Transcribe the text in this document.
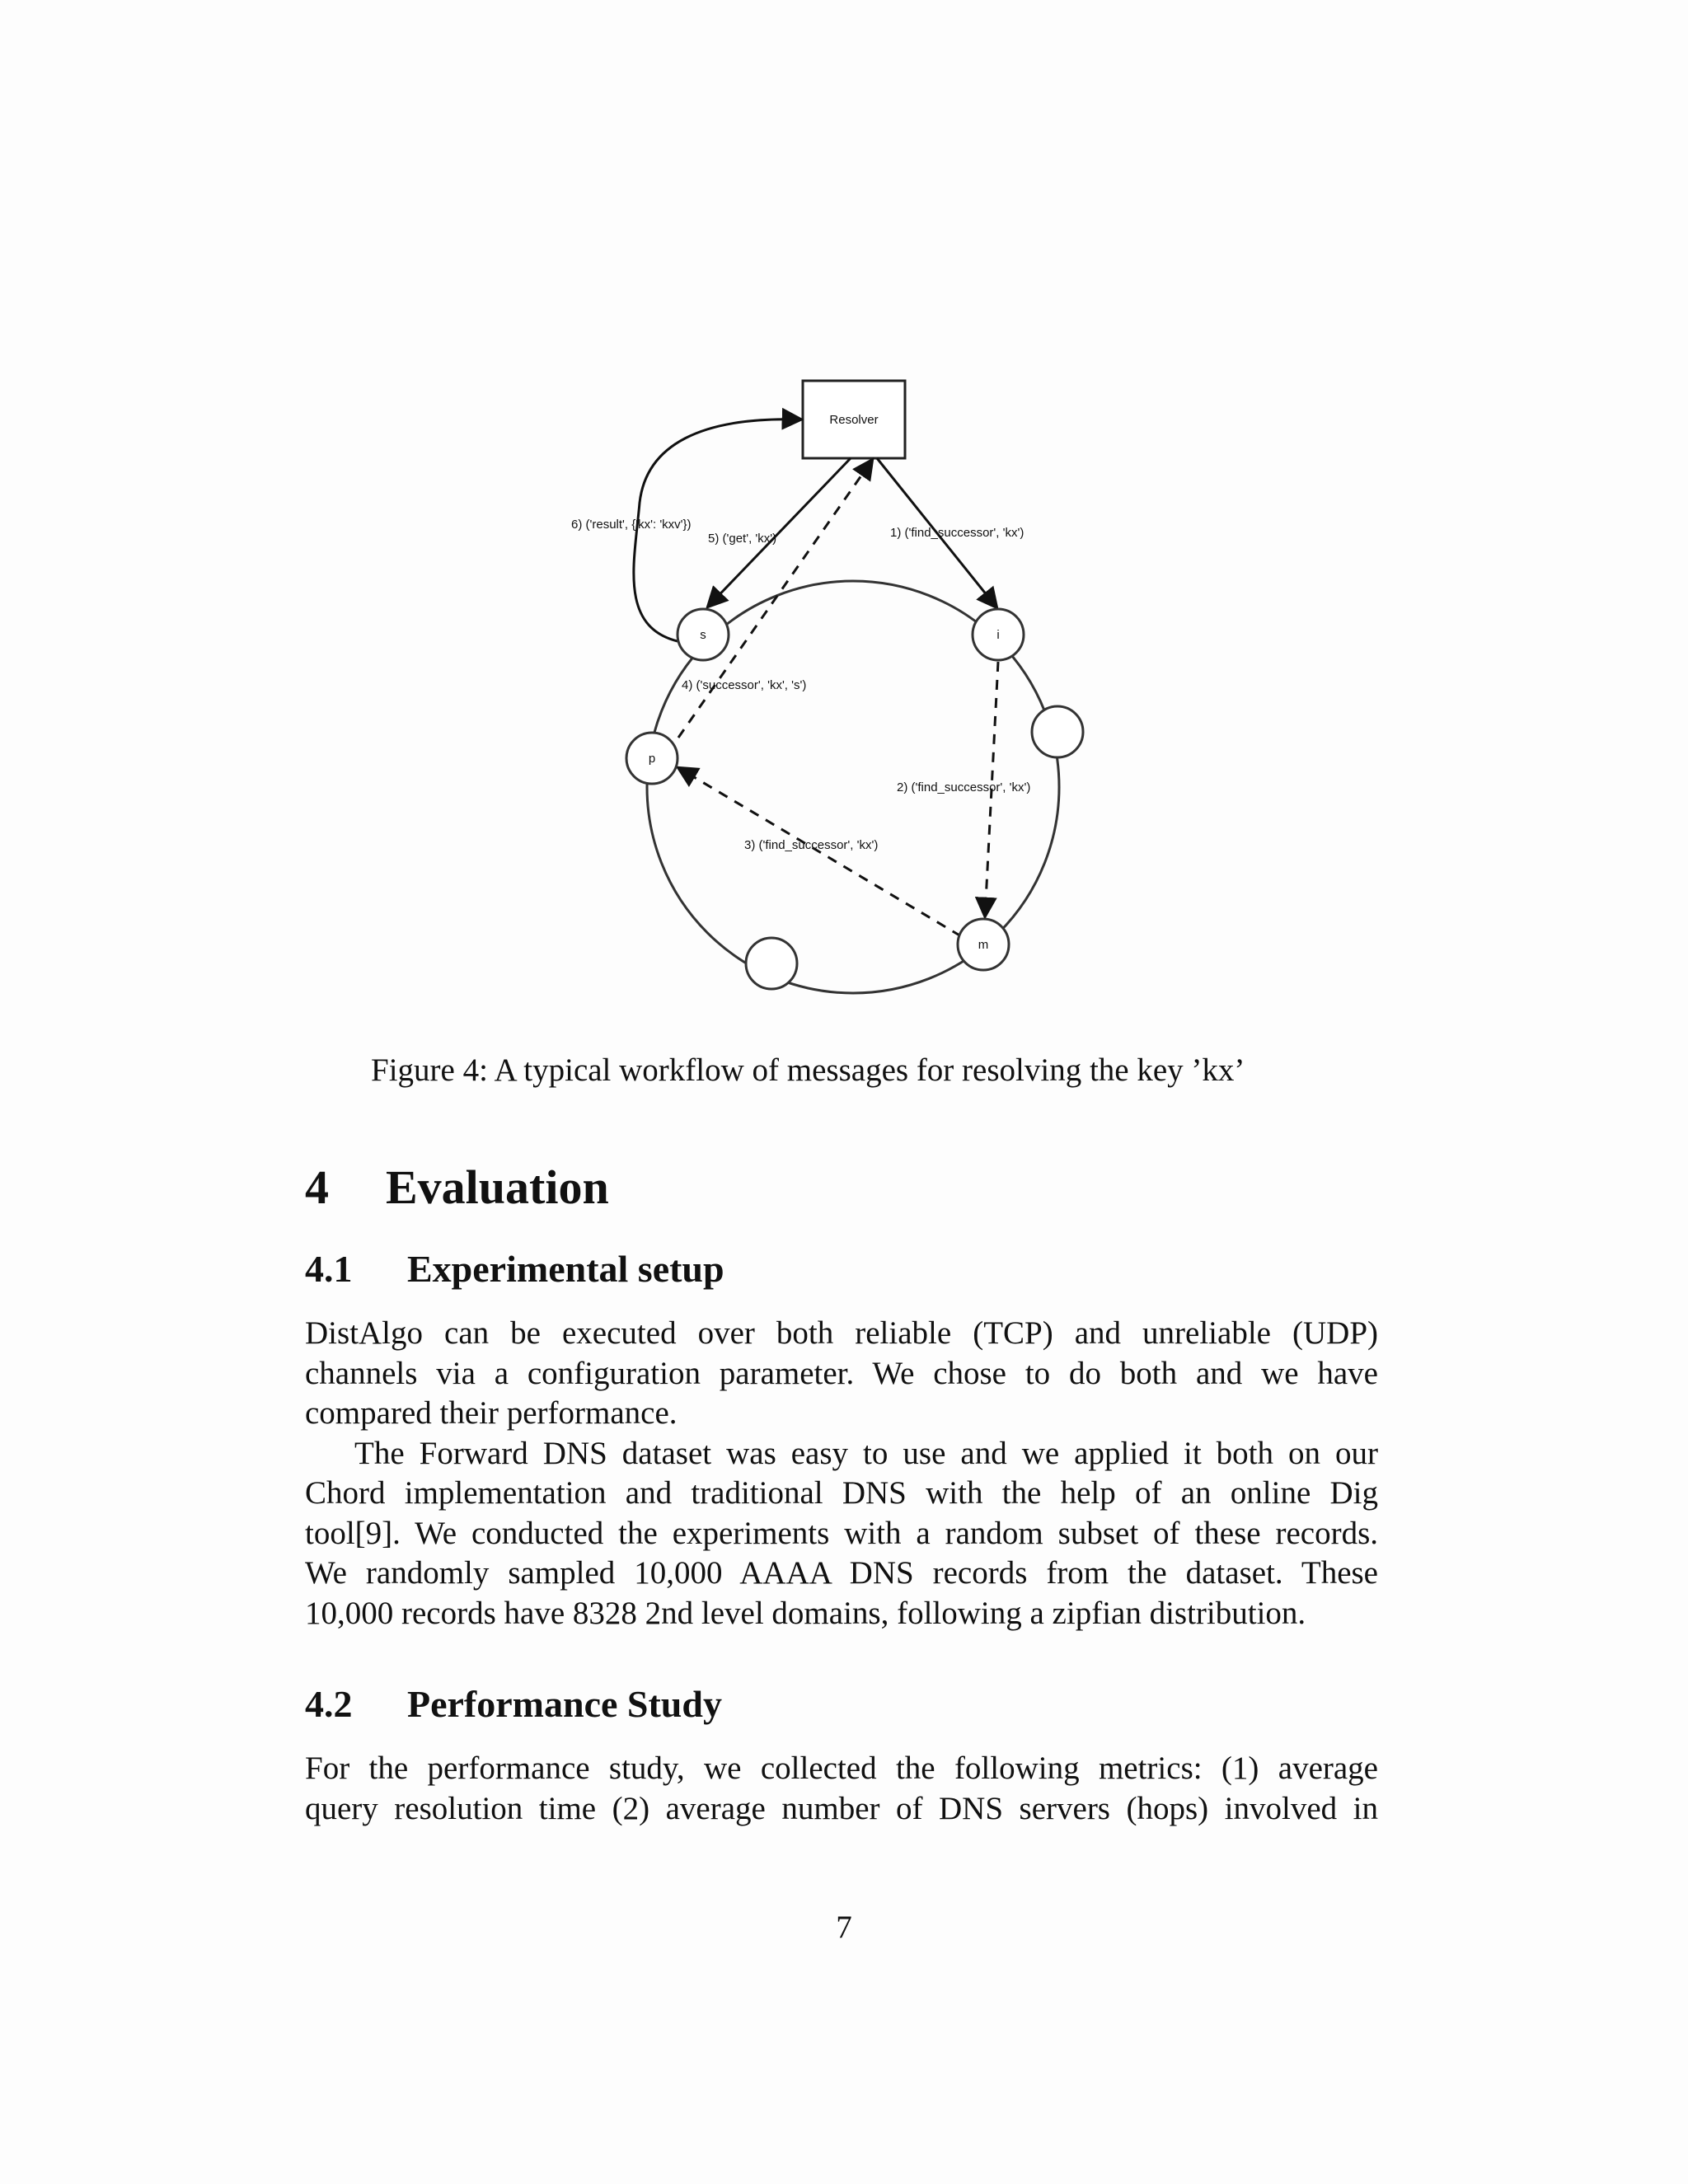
Resolver
s	i
p
m
1) ('find_successor', 'kx')
2) ('find_successor', 'kx')
3) ('find_successor', 'kx')
4) ('successor', 'kx', 's')
5) ('get', 'kx')
6) ('result', {'kx': 'kxv'})
Figure 4: A typical workflow of messages for resolving the key ’kx’
4 Evaluation
4.1 Experimental setup
DistAlgo can be executed over both reliable (TCP) and unreliable (UDP)
channels via a configuration parameter. We chose to do both and we have
compared their performance.
The Forward DNS dataset was easy to use and we applied it both on our
Chord implementation and traditional DNS with the help of an online Dig
tool[9]. We conducted the experiments with a random subset of these records.
We randomly sampled 10,000 AAAA DNS records from the dataset. These
10,000 records have 8328 2nd level domains, following a zipfian distribution.
4.2 Performance Study
For the performance study, we collected the following metrics: (1) average
query resolution time (2) average number of DNS servers (hops) involved in
7
